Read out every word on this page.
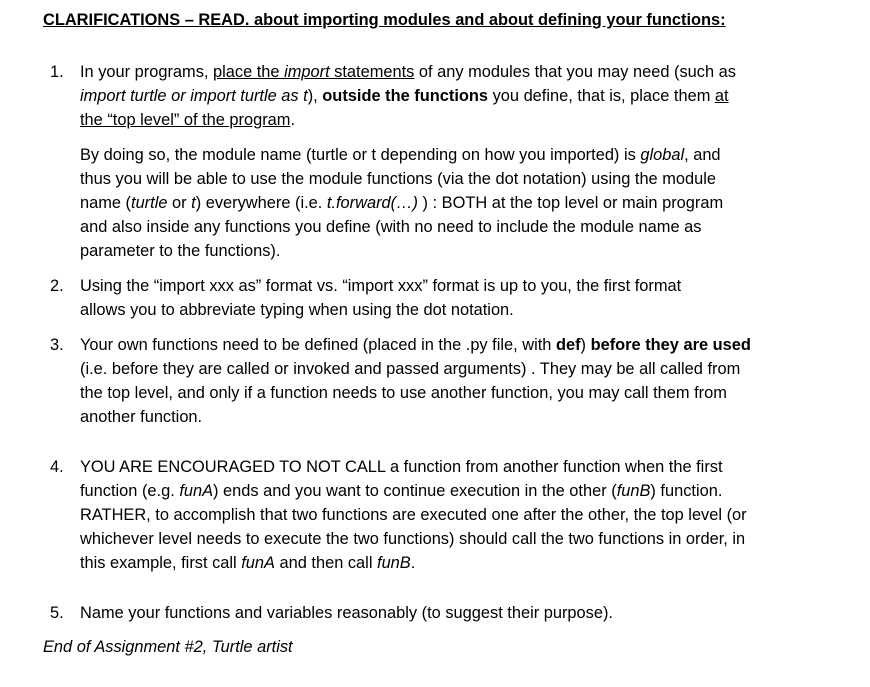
CLARIFICATIONS – READ. about importing modules and about defining your functions:
1. In your programs, place the import statements of any modules that you may need (such as
import turtle or import turtle as t), outside the functions you define, that is, place them at
the “top level” of the program.
By doing so, the module name (turtle or t depending on how you imported) is global, and
thus you will be able to use the module functions (via the dot notation) using the module
name (turtle or t) everywhere (i.e. t.forward(…) ) : BOTH at the top level or main program
and also inside any functions you define (with no need to include the module name as
parameter to the functions).
2. Using the “import xxx as” format vs. “import xxx” format is up to you, the first format
allows you to abbreviate typing when using the dot notation.
3. Your own functions need to be defined (placed in the .py file, with def) before they are used
(i.e. before they are called or invoked and passed arguments) . They may be all called from
the top level, and only if a function needs to use another function, you may call them from
another function.
4. YOU ARE ENCOURAGED TO NOT CALL a function from another function when the first
function (e.g. funA) ends and you want to continue execution in the other (funB) function.
RATHER, to accomplish that two functions are executed one after the other, the top level (or
whichever level needs to execute the two functions) should call the two functions in order, in
this example, first call funA and then call funB.
5. Name your functions and variables reasonably (to suggest their purpose).
End of Assignment #2, Turtle artist
